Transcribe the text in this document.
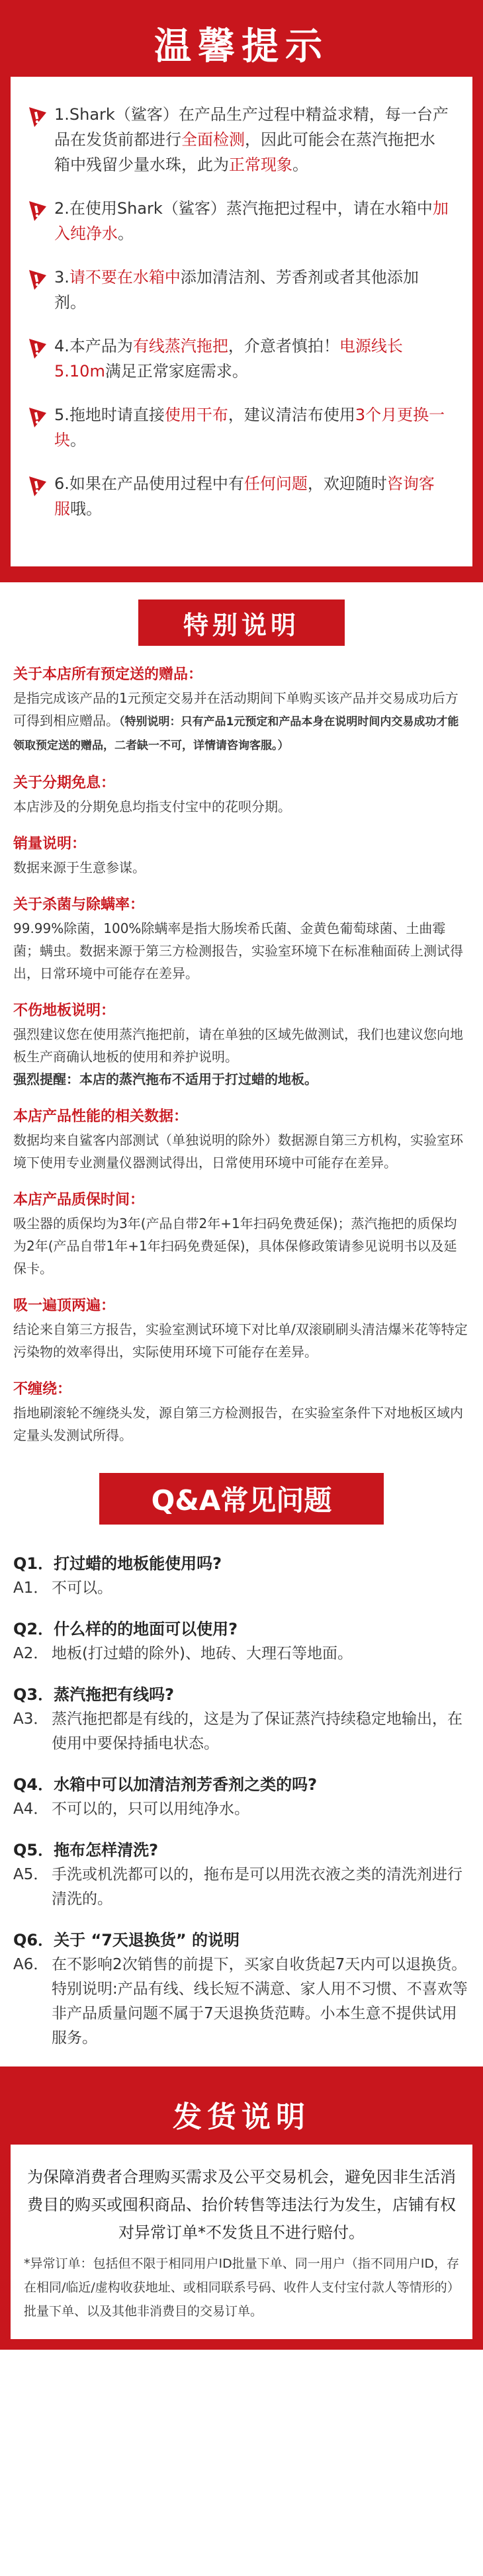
温馨提示

1.Shark（鲨客）在产品生产过程中精益求精，每一台产品在发货前都进行全面检测，因此可能会在蒸汽拖把水箱中残留少量水珠，此为正常现象。

2.在使用Shark（鲨客）蒸汽拖把过程中，请在水箱中加入纯净水。

3.请不要在水箱中添加清洁剂、芳香剂或者其他添加剂。

4.本产品为有线蒸汽拖把，介意者慎拍！电源线长5.10m满足正常家庭需求。

5.拖地时请直接使用干布，建议清洁布使用3个月更换一块。

6.如果在产品使用过程中有任何问题，欢迎随时咨询客服哦。

特别说明
关于本店所有预定送的赠品：
是指完成该产品的1元预定交易并在活动期间下单购买该产品并交易成功后方可得到相应赠品。（特别说明：只有产品1元预定和产品本身在说明时间内交易成功才能领取预定送的赠品，二者缺一不可，详情请咨询客服。）
关于分期免息：
本店涉及的分期免息均指支付宝中的花呗分期。
销量说明：
数据来源于生意参谋。
关于杀菌与除螨率：
99.99%除菌，100%除螨率是指大肠埃希氏菌、金黄色葡萄球菌、土曲霉菌；螨虫。数据来源于第三方检测报告，实验室环境下在标准釉面砖上测试得出，日常环境中可能存在差异。
不伤地板说明：
强烈建议您在使用蒸汽拖把前，请在单独的区域先做测试，我们也建议您向地板生产商确认地板的使用和养护说明。
强烈提醒：本店的蒸汽拖布不适用于打过蜡的地板。
本店产品性能的相关数据：
数据均来自鲨客内部测试（单独说明的除外）数据源自第三方机构，实验室环境下使用专业测量仪器测试得出，日常使用环境中可能存在差异。
本店产品质保时间：
吸尘器的质保均为3年(产品自带2年+1年扫码免费延保)；蒸汽拖把的质保均为2年(产品自带1年+1年扫码免费延保)，具体保修政策请参见说明书以及延保卡。
吸一遍顶两遍：
结论来自第三方报告，实验室测试环境下对比单/双滚刷刷头清洁爆米花等特定污染物的效率得出，实际使用环境下可能存在差异。
不缠绕：
指地刷滚轮不缠绕头发，源自第三方检测报告，在实验室条件下对地板区域内定量头发测试所得。
Q&A常见问题
Q1．打过蜡的地板能使用吗?
A1． 不可以。
Q2．什么样的的地面可以使用?
A2． 地板(打过蜡的除外)、地砖、大理石等地面。
Q3．蒸汽拖把有线吗?
A3． 蒸汽拖把都是有线的，这是为了保证蒸汽持续稳定地输出，在使用中要保持插电状态。
Q4．水箱中可以加清洁剂芳香剂之类的吗?
A4． 不可以的，只可以用纯净水。
Q5．拖布怎样清洗?
A5． 手洗或机洗都可以的，拖布是可以用洗衣液之类的清洗剂进行清洗的。
Q6．关于 “7天退换货” 的说明
A6． 在不影响2次销售的前提下，买家自收货起7天内可以退换货。特别说明:产品有线、线长短不满意、家人用不习惯、不喜欢等非产品质量问题不属于7天退换货范畴。小本生意不提供试用服务。
发货说明

为保障消费者合理购买需求及公平交易机会，避免因非生活消费目的购买或囤积商品、抬价转售等违法行为发生，店铺有权对异常订单*不发货且不进行赔付。

*异常订单：包括但不限于相同用户ID批量下单、同一用户（指不同用户ID，存在相同/临近/虚构收获地址、或相同联系号码、收件人支付宝付款人等情形的）批量下单、以及其他非消费目的交易订单。
